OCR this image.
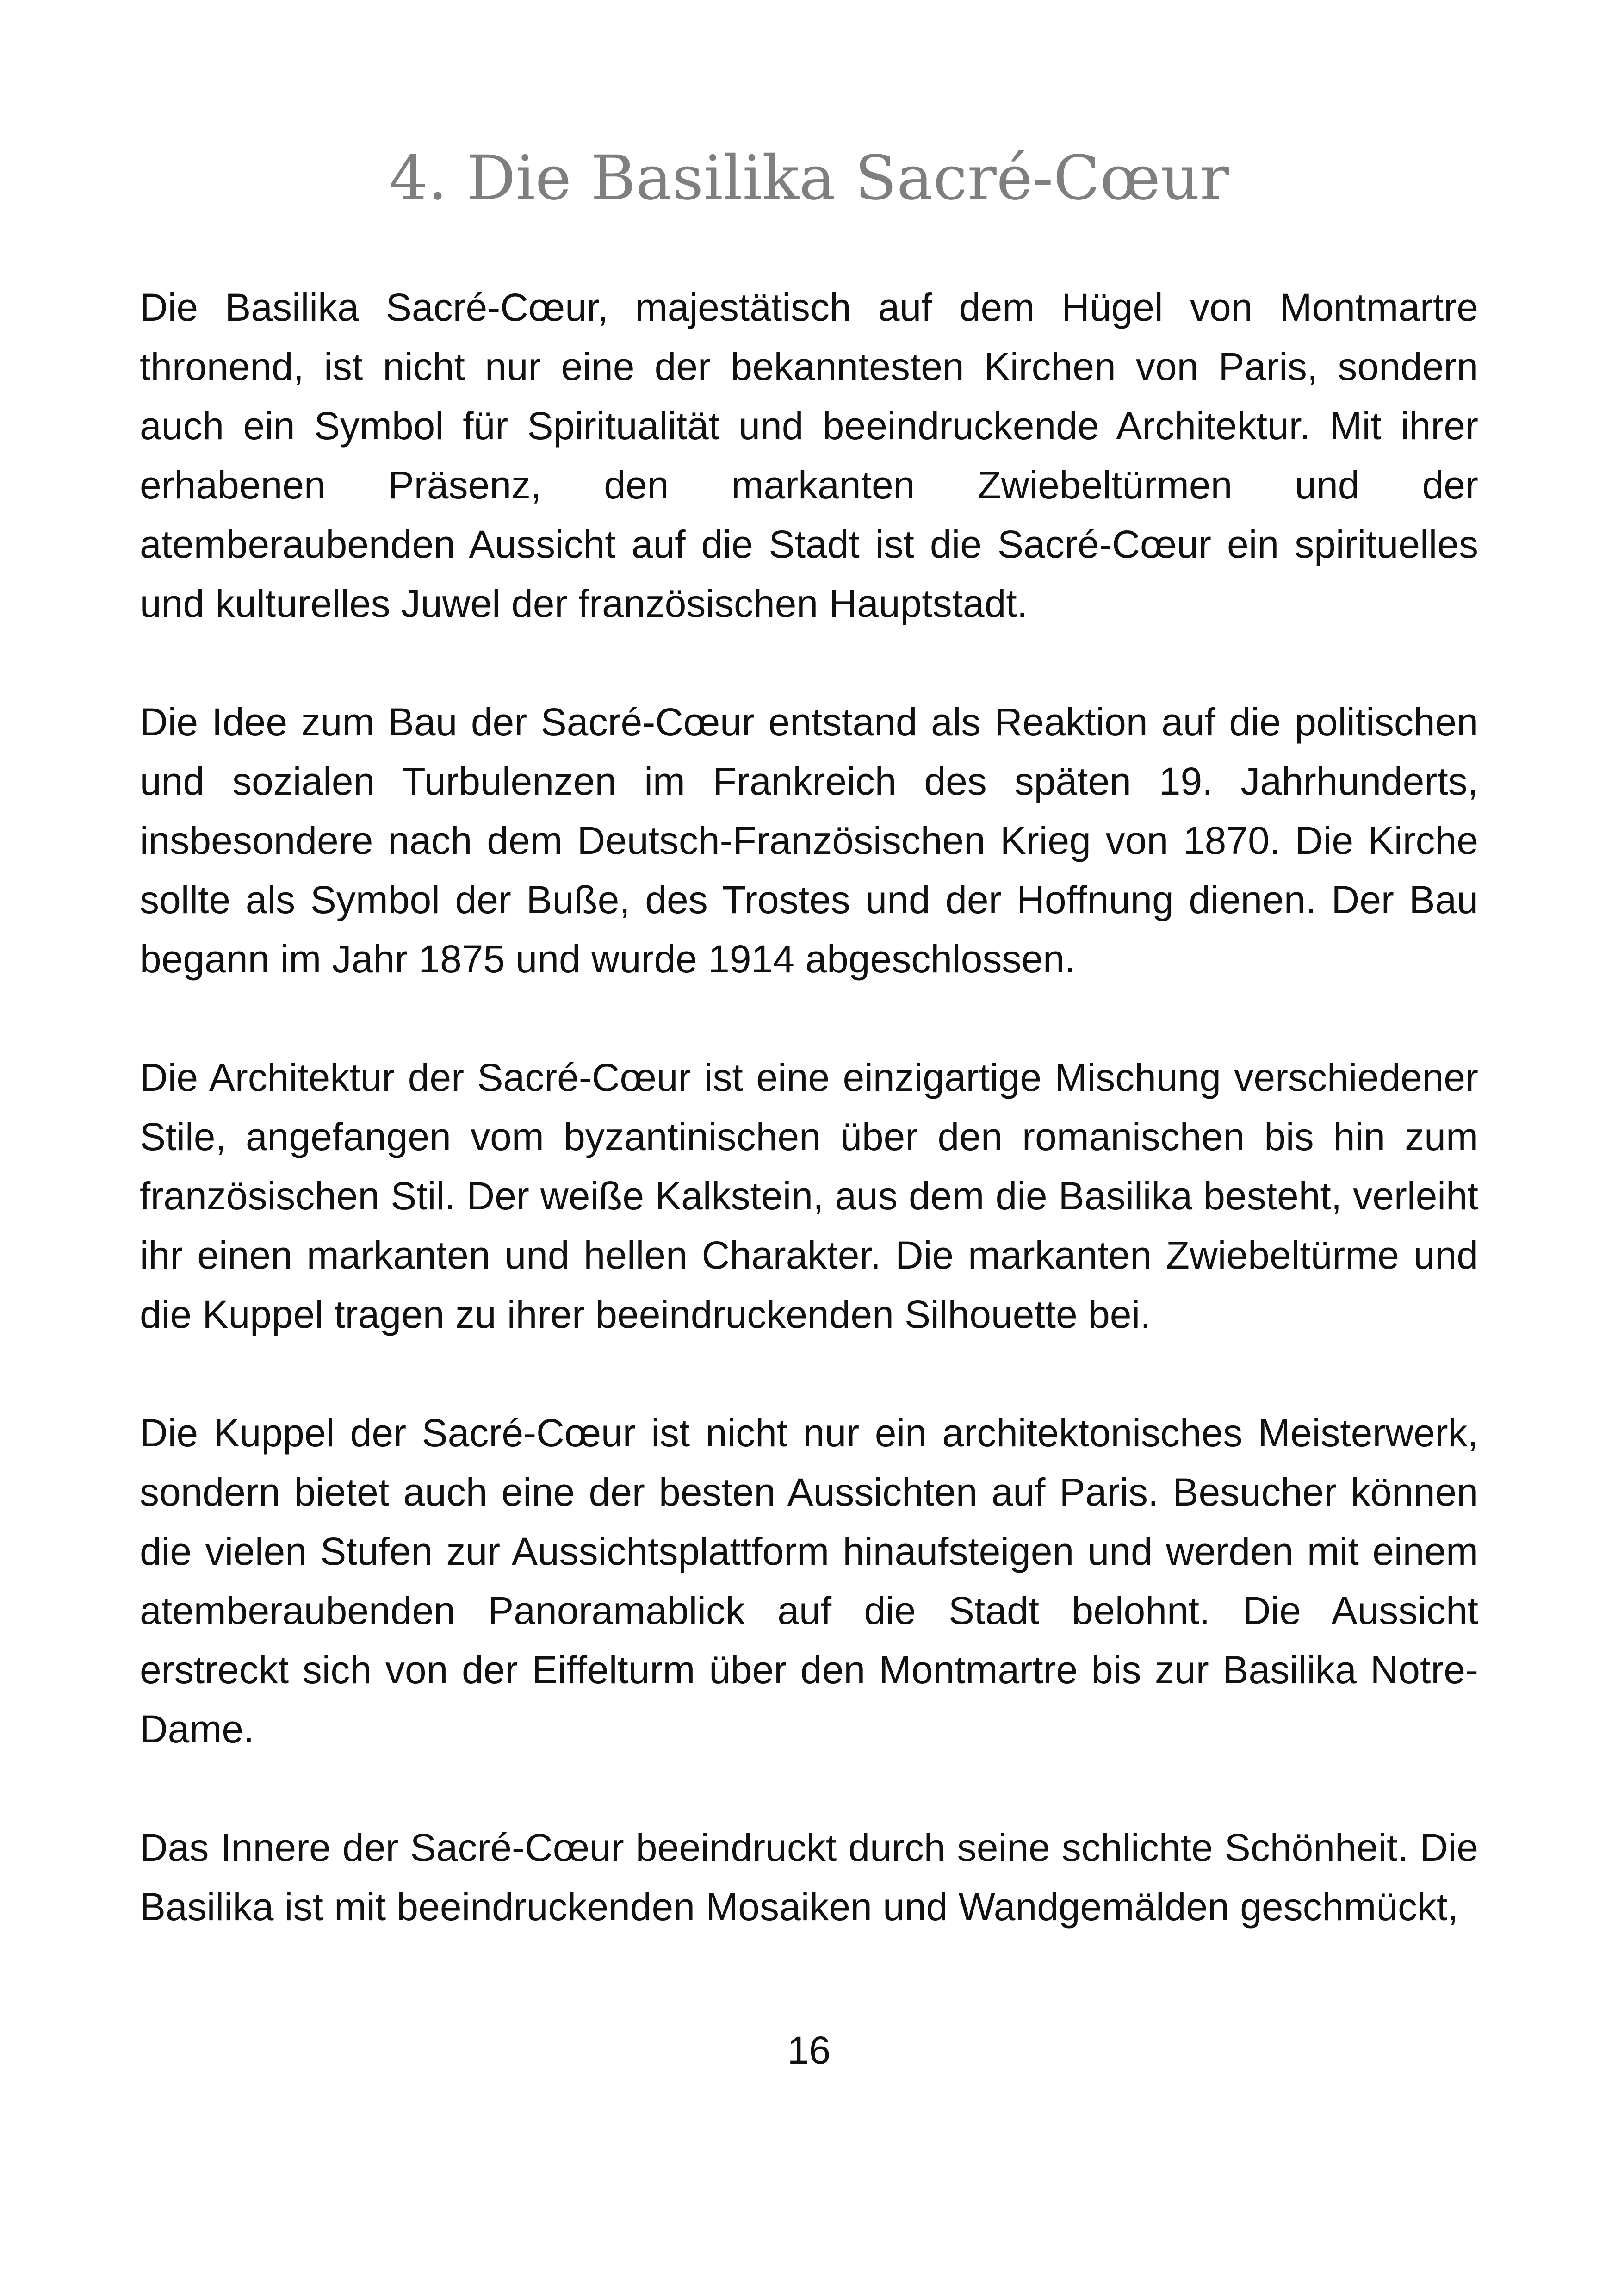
4. Die Basilika Sacré-Cœur

Die Basilika Sacré-Cœur, majestätisch auf dem Hügel von Montmartre thronend, ist nicht nur eine der bekanntesten Kirchen von Paris, sondern auch ein Symbol für Spiritualität und beeindruckende Architektur. Mit ihrer erhabenen Präsenz, den markanten Zwiebeltürmen und der atemberaubenden Aussicht auf die Stadt ist die Sacré-Cœur ein spirituelles und kulturelles Juwel der französischen Hauptstadt.

Die Idee zum Bau der Sacré-Cœur entstand als Reaktion auf die politischen und sozialen Turbulenzen im Frankreich des späten 19. Jahrhunderts, insbesondere nach dem Deutsch-Französischen Krieg von 1870. Die Kirche sollte als Symbol der Buße, des Trostes und der Hoffnung dienen. Der Bau begann im Jahr 1875 und wurde 1914 abgeschlossen.

Die Architektur der Sacré-Cœur ist eine einzigartige Mischung verschiedener Stile, angefangen vom byzantinischen über den romanischen bis hin zum französischen Stil. Der weiße Kalkstein, aus dem die Basilika besteht, verleiht ihr einen markanten und hellen Charakter. Die markanten Zwiebeltürme und die Kuppel tragen zu ihrer beeindruckenden Silhouette bei.

Die Kuppel der Sacré-Cœur ist nicht nur ein architektonisches Meisterwerk, sondern bietet auch eine der besten Aussichten auf Paris. Besucher können die vielen Stufen zur Aussichtsplattform hinaufsteigen und werden mit einem atemberaubenden Panoramablick auf die Stadt belohnt. Die Aussicht erstreckt sich von der Eiffelturm über den Montmartre bis zur Basilika Notre-Dame.

Das Innere der Sacré-Cœur beeindruckt durch seine schlichte Schönheit. Die Basilika ist mit beeindruckenden Mosaiken und Wandgemälden geschmückt,

16
